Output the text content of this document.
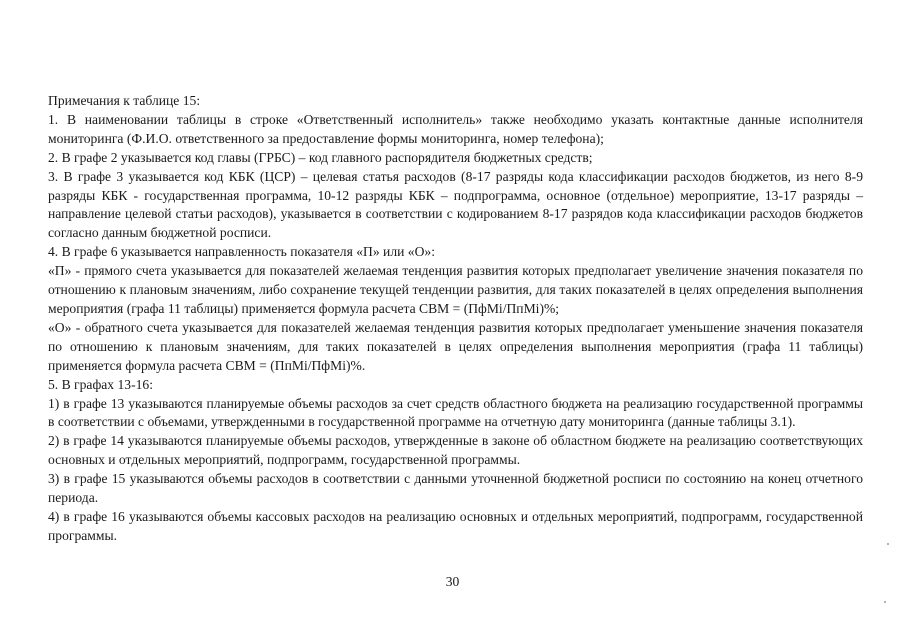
Примечания к таблице 15:

1. В наименовании таблицы в строке «Ответственный исполнитель» также необходимо указать контактные данные исполнителя мониторинга (Ф.И.О. ответственного за предоставление формы мониторинга, номер телефона);

2. В графе 2 указывается код главы (ГРБС) – код главного распорядителя бюджетных средств;

3. В графе 3 указывается код КБК (ЦСР) – целевая статья расходов (8-17 разряды кода классификации расходов бюджетов, из него 8-9 разряды КБК - государственная программа, 10-12 разряды КБК – подпрограмма, основное (отдельное) мероприятие, 13-17 разряды – направление целевой статьи расходов), указывается в соответствии с кодированием 8-17 разрядов кода классификации расходов бюджетов согласно данным бюджетной росписи.

4. В графе 6 указывается направленность показателя «П» или «О»:

«П» - прямого счета указывается для показателей желаемая тенденция развития которых предполагает увеличение значения показателя по отношению к плановым значениям, либо сохранение текущей тенденции развития, для таких показателей в целях определения выполнения мероприятия (графа 11 таблицы) применяется формула расчета СВМ = (ПфMi/ПпMi)%;

«О» - обратного счета указывается для показателей желаемая тенденция развития которых предполагает уменьшение значения показателя по отношению к плановым значениям, для таких показателей в целях определения выполнения мероприятия (графа 11 таблицы) применяется формула расчета СВМ = (ПпMi/ПфMi)%.

5. В графах 13-16:

1) в графе 13 указываются планируемые объемы расходов за счет средств областного бюджета на реализацию государственной программы в соответствии с объемами, утвержденными в государственной программе на отчетную дату мониторинга (данные таблицы 3.1).

2) в графе 14 указываются планируемые объемы расходов, утвержденные в законе об областном бюджете на реализацию соответствующих основных и отдельных мероприятий, подпрограмм, государственной программы.

3) в графе 15 указываются объемы расходов в соответствии с данными уточненной бюджетной росписи по состоянию на конец отчетного периода.

4) в графе 16 указываются объемы кассовых расходов на реализацию основных и отдельных мероприятий, подпрограмм, государственной программы.

30
